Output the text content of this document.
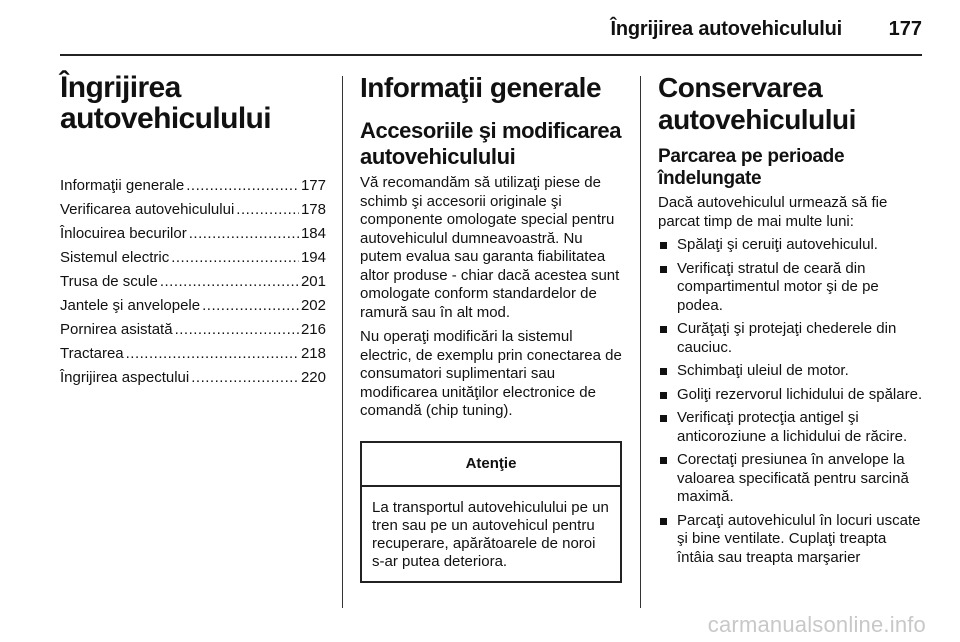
Îngrijirea autovehiculului 177
Îngrijirea
autovehiculului
Informaţii generale .....	177
Verificarea autovehiculului .....	178
Înlocuirea becurilor .....	184
Sistemul electric .....	194
Trusa de scule .....	201
Jantele şi anvelopele .....	202
Pornirea asistată .....	216
Tractarea .....	218
Îngrijirea aspectului .....	220
Informaţii generale
Accesoriile şi modificarea
autovehiculului

Vă recomandăm să utilizaţi piese de schimb şi accesorii originale şi componente omologate special pentru autovehiculul dumneavoastră. Nu putem evalua sau garanta fiabilitatea altor produse - chiar dacă acestea sunt omologate conform standardelor de ramură sau în alt mod.

Nu operaţi modificări la sistemul electric, de exemplu prin conectarea de consumatori suplimentari sau modificarea unităţilor electronice de comandă (chip tuning).

Atenţie
La transportul autovehiculului pe un tren sau pe un autovehicul pentru recuperare, apărătoarele de noroi s-ar putea deteriora.
Conservarea
autovehiculului
Parcarea pe perioade
îndelungate

Dacă autovehiculul urmează să fie parcat timp de mai multe luni:

Spălaţi şi ceruiţi autovehiculul.
Verificaţi stratul de ceară din compartimentul motor şi de pe podea.
Curăţaţi şi protejaţi chederele din cauciuc.
Schimbaţi uleiul de motor.
Goliţi rezervorul lichidului de spălare.
Verificaţi protecţia antigel şi anticoroziune a lichidului de răcire.
Corectaţi presiunea în anvelope la valoarea specificată pentru sarcină maximă.
Parcaţi autovehiculul în locuri uscate şi bine ventilate. Cuplaţi treapta întâia sau treapta marşarier
carmanualsonline.info
